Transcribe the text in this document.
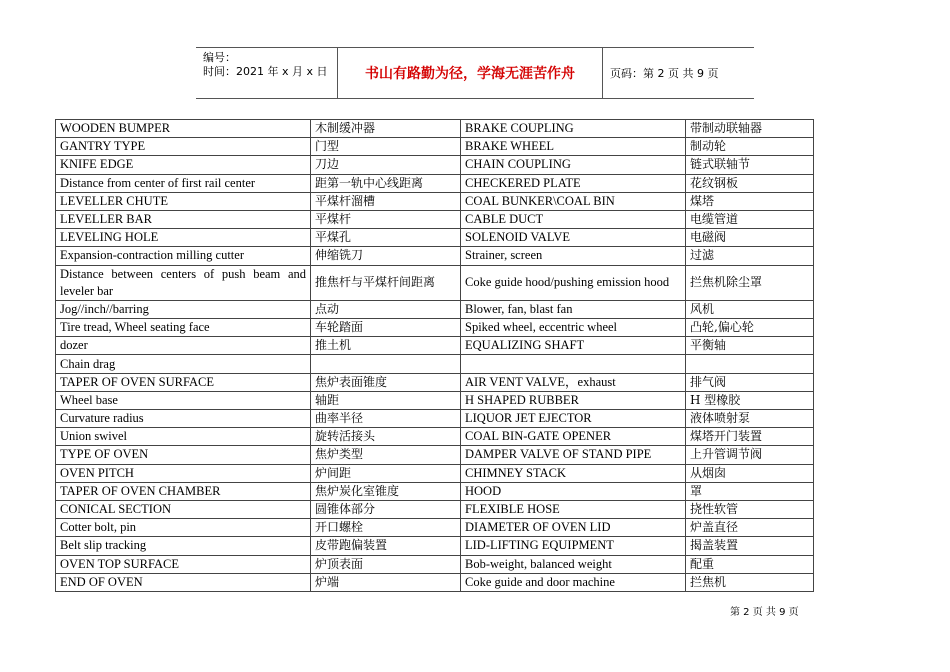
编号：
时间：2021 年 x 月 x 日	书山有路勤为径，学海无涯苦作舟	页码：第 2 页 共 9 页
WOODEN BUMPER	木制缓冲器	BRAKE COUPLING	带制动联轴器
GANTRY TYPE	门型	BRAKE WHEEL	制动轮
KNIFE EDGE	刀边	CHAIN COUPLING	链式联轴节
Distance from center of first rail center	距第一轨中心线距离	CHECKERED PLATE	花纹钢板
LEVELLER CHUTE	平煤杆溜槽	COAL BUNKER\COAL BIN	煤塔
LEVELLER BAR	平煤杆	CABLE DUCT	电缆管道
LEVELING HOLE	平煤孔	SOLENOID VALVE	电磁阀
Expansion-contraction milling cutter	伸缩铣刀	Strainer, screen	过滤
Distance between centers of push beam and leveler bar	推焦杆与平煤杆间距离	Coke guide hood/pushing emission hood	拦焦机除尘罩
Jog//inch//barring	点动	Blower, fan, blast fan	风机
Tire tread, Wheel seating face	车轮踏面	Spiked wheel, eccentric wheel	凸轮,偏心轮
dozer	推土机	EQUALIZING SHAFT	平衡轴
Chain drag			
TAPER OF OVEN SURFACE	焦炉表面锥度	AIR VENT VALVE，exhaust	排气阀
Wheel base	轴距	H SHAPED RUBBER	H 型橡胶
Curvature radius	曲率半径	LIQUOR JET EJECTOR	液体喷射泵
Union swivel	旋转活接头	COAL BIN-GATE OPENER	煤塔开门装置
TYPE OF OVEN	焦炉类型	DAMPER VALVE OF STAND PIPE	上升管调节阀
OVEN PITCH	炉间距	CHIMNEY STACK	从烟囱
TAPER OF OVEN CHAMBER	焦炉炭化室锥度	HOOD	罩
CONICAL SECTION	圆锥体部分	FLEXIBLE HOSE	挠性软管
Cotter bolt, pin	开口螺栓	DIAMETER OF OVEN LID	炉盖直径
Belt slip tracking	皮带跑偏装置	LID-LIFTING EQUIPMENT	揭盖装置
OVEN TOP SURFACE	炉顶表面	Bob-weight, balanced weight	配重
END OF OVEN	炉端	Coke guide and door machine	拦焦机
第 2 页 共 9 页
